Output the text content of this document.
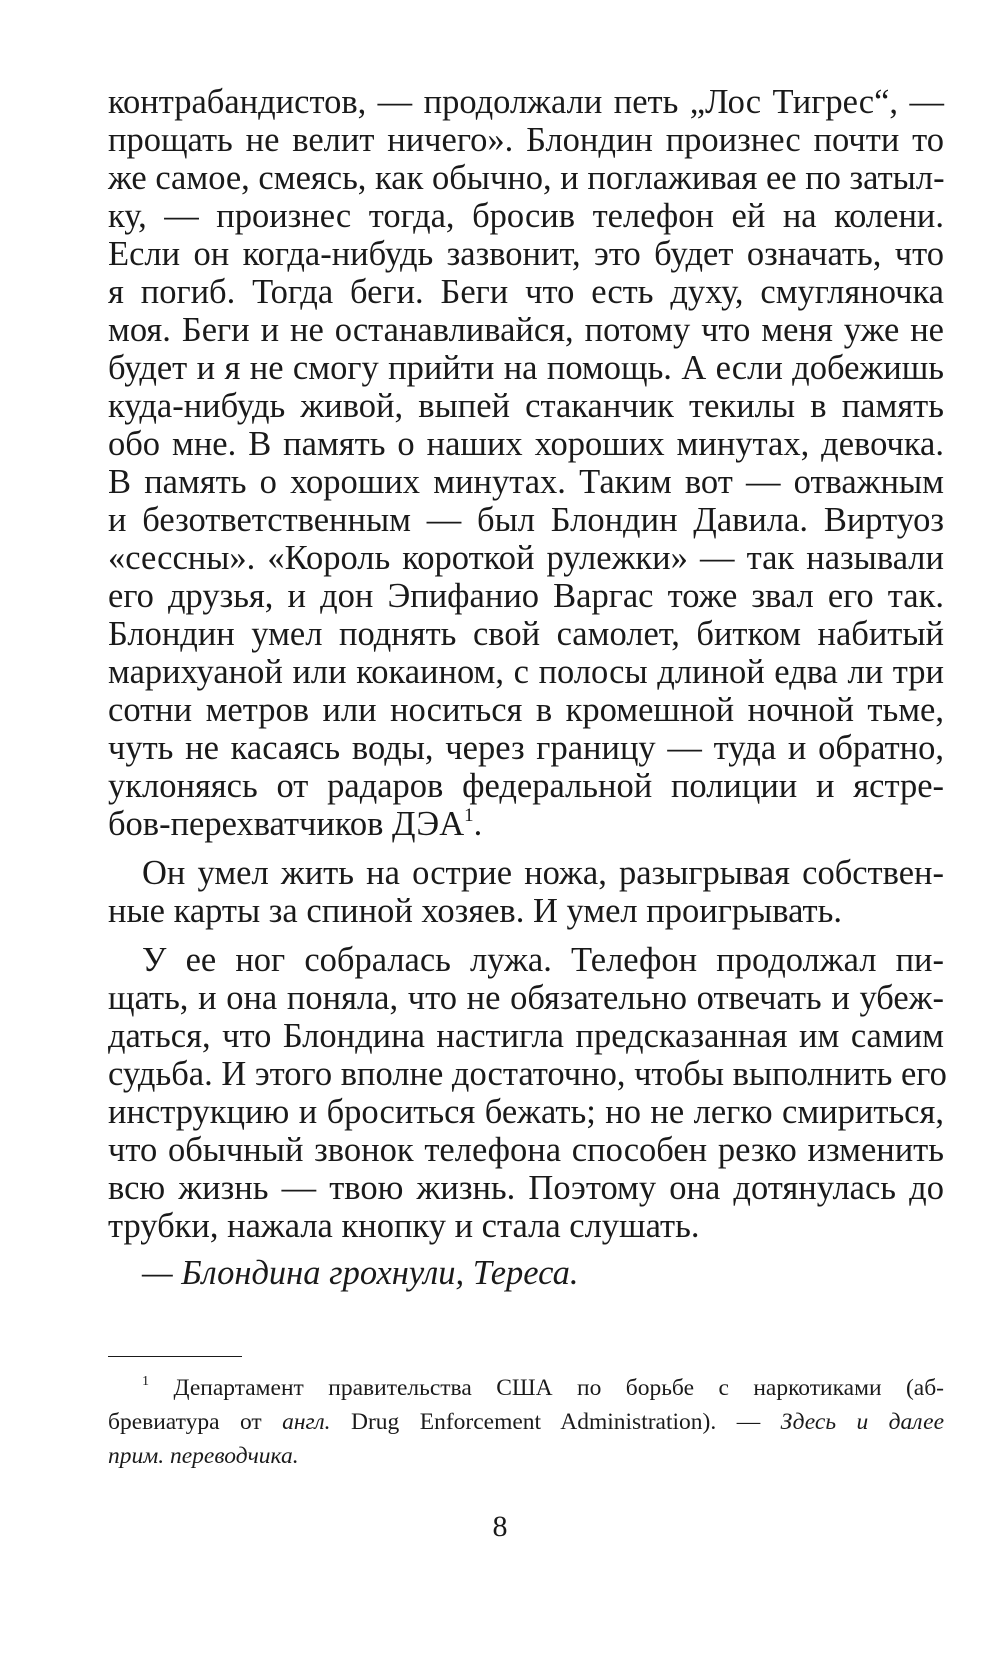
контрабандистов, — продолжали петь „Лос Тигрес“, —
прощать не велит ничего». Блондин произнес почти то
же самое, смеясь, как обычно, и поглаживая ее по затыл-
ку, — произнес тогда, бросив телефон ей на колени.
Если он когда-нибудь зазвонит, это будет означать, что
я погиб. Тогда беги. Беги что есть духу, смугляночка
моя. Беги и не останавливайся, потому что меня уже не
будет и я не смогу прийти на помощь. А если добежишь
куда-нибудь живой, выпей стаканчик текилы в память
обо мне. В память о наших хороших минутах, девочка.
В память о хороших минутах. Таким вот — отважным
и безответственным — был Блондин Давила. Виртуоз
«сессны». «Король короткой рулежки» — так называли
его друзья, и дон Эпифанио Варгас тоже звал его так.
Блондин умел поднять свой самолет, битком набитый
марихуаной или кокаином, с полосы длиной едва ли три
сотни метров или носиться в кромешной ночной тьме,
чуть не касаясь воды, через границу — туда и обратно,
уклоняясь от радаров федеральной полиции и ястре-
бов-перехватчиков ДЭА$^1$.
Он умел жить на острие ножа, разыгрывая собствен-
ные карты за спиной хозяев. И умел проигрывать.
У ее ног собралась лужа. Телефон продолжал пи-
щать, и она поняла, что не обязательно отвечать и убеж-
даться, что Блондина настигла предсказанная им самим
судьба. И этого вполне достаточно, чтобы выполнить его
инструкцию и броситься бежать; но не легко смириться,
что обычный звонок телефона способен резко изменить
всю жизнь — твою жизнь. Поэтому она дотянулась до
трубки, нажала кнопку и стала слушать.
— Блондина грохнули, Тереса.
$^1$ Департамент правительства США по борьбе с наркотиками (аб-
бревиатура от англ. Drug Enforcement Administration). — Здесь и далее
прим. переводчика.
8
